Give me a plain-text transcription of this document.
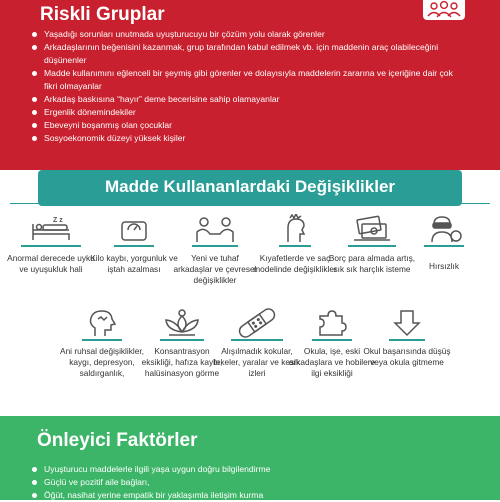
Riskli Gruplar
Yaşadığı sorunları unutmada uyuşturucuyu bir çözüm yolu olarak görenler
Arkadaşlarının beğenisini kazanmak, grup tarafından kabul edilmek vb. için maddenin araç olabileceğini düşünenler
Madde kullanımını eğlenceli bir şeymiş gibi görenler ve dolayısıyla maddelerin zararına ve içeriğine dair çok fikri olmayanlar
Arkadaş baskısına “hayır” deme becerisine sahip olamayanlar
Ergenlik dönemindekiler
Ebeveyni boşanmış olan çocuklar
Sosyoekonomik düzeyi yüksek kişiler
Madde Kullananlardaki Değişiklikler
Z z
Anormal derecede uyku ve uyuşukluk hali
Kilo kaybı, yorgunluk ve iştah azalması
Yeni ve tuhaf arkadaşlar ve çevresel değişiklikler
Kıyafetlerde ve saç modelinde değişiklikler
Borç para almada artış, sık sık harçlık isteme	Hırsızlık
Ani ruhsal değişiklikler, kaygı, depresyon, saldırganlık,
Konsantrasyon eksikliği, hafıza kaybı, halüsinasyon görme
Alışılmadık kokular, lekeler, yaralar ve kesik izleri
Okula, işe, eski arkadaşlara ve hobilere ilgi eksikliği
Okul başarısında düşüş veya okula gitmeme
Önleyici Faktörler
Uyuşturucu maddelerle ilgili yaşa uygun doğru bilgilendirme
Güçlü ve pozitif aile bağları,
Öğüt, nasihat yerine empatik bir yaklaşımla iletişim kurma
